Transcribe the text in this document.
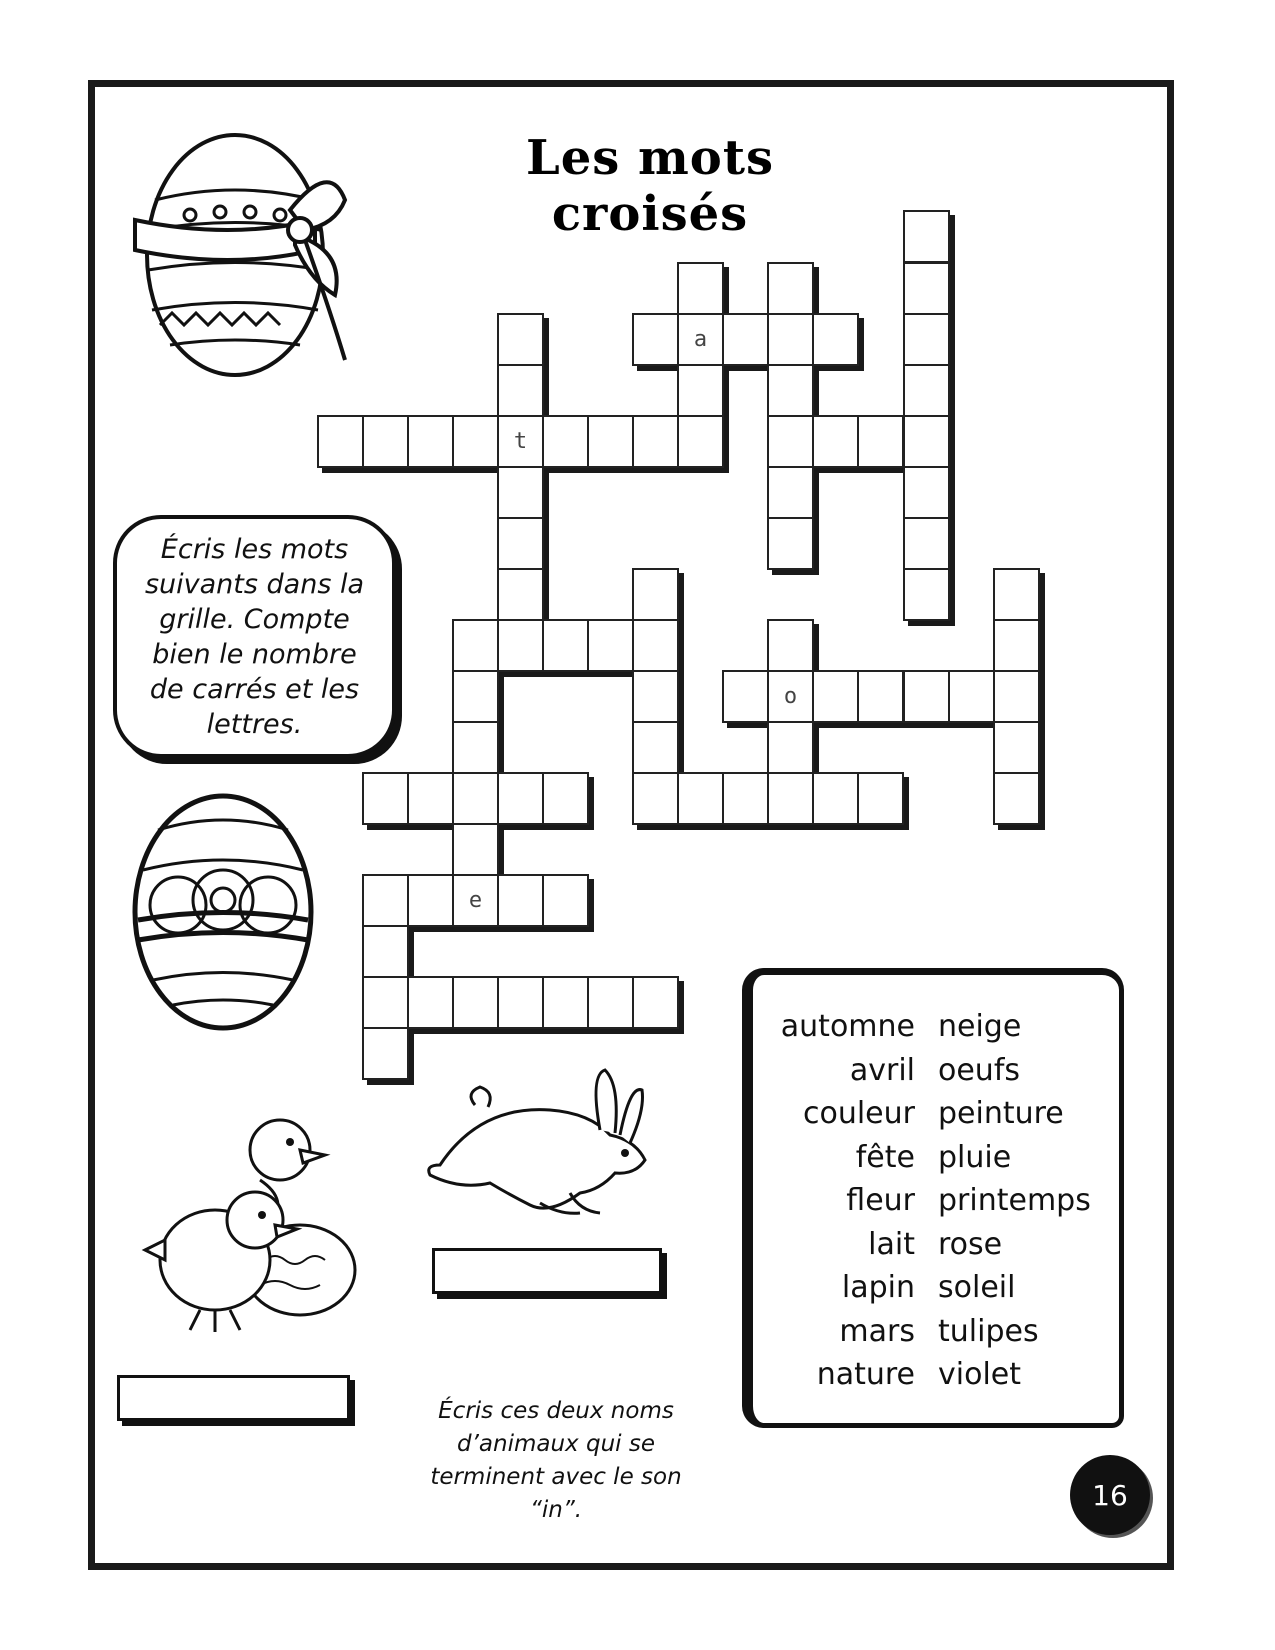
Les mots croisés

Écris les mots suivants dans la grille. Compte bien le nombre de carrés et les lettres.

a
t
o
e
automne
avril
couleur
fête
fleur
lait
lapin
mars
nature
neige
oeufs
peinture
pluie
printemps
rose
soleil
tulipes
violet
Écris ces deux noms d’animaux qui se terminent avec le son “in”.	16
